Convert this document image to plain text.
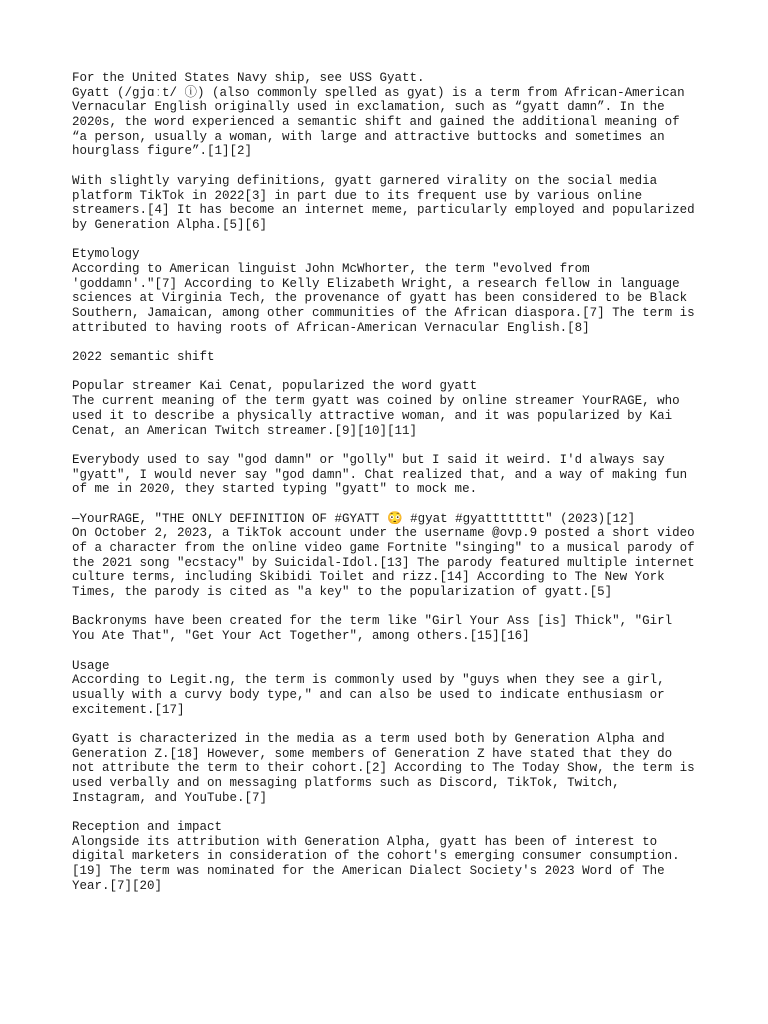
For the United States Navy ship, see USS Gyatt.
Gyatt (/gjɑːt/ ⓘ) (also commonly spelled as gyat) is a term from African-American
Vernacular English originally used in exclamation, such as “gyatt damn”. In the
2020s, the word experienced a semantic shift and gained the additional meaning of
“a person, usually a woman, with large and attractive buttocks and sometimes an
hourglass figure”.[1][2]
With slightly varying definitions, gyatt garnered virality on the social media
platform TikTok in 2022[3] in part due to its frequent use by various online
streamers.[4] It has become an internet meme, particularly employed and popularized
by Generation Alpha.[5][6]
Etymology
According to American linguist John McWhorter, the term "evolved from
'goddamn'."[7] According to Kelly Elizabeth Wright, a research fellow in language
sciences at Virginia Tech, the provenance of gyatt has been considered to be Black
Southern, Jamaican, among other communities of the African diaspora.[7] The term is
attributed to having roots of African-American Vernacular English.[8]
2022 semantic shift
Popular streamer Kai Cenat, popularized the word gyatt
The current meaning of the term gyatt was coined by online streamer YourRAGE, who
used it to describe a physically attractive woman, and it was popularized by Kai
Cenat, an American Twitch streamer.[9][10][11]
Everybody used to say "god damn" or "golly" but I said it weird. I'd always say
"gyatt", I would never say "god damn". Chat realized that, and a way of making fun
of me in 2020, they started typing "gyatt" to mock me.
—YourRAGE, "THE ONLY DEFINITION OF #GYATT 😳 #gyat #gyatttttttt" (2023)[12]
On October 2, 2023, a TikTok account under the username @ovp.9 posted a short video
of a character from the online video game Fortnite "singing" to a musical parody of
the 2021 song "ecstacy" by Suicidal-Idol.[13] The parody featured multiple internet
culture terms, including Skibidi Toilet and rizz.[14] According to The New York
Times, the parody is cited as "a key" to the popularization of gyatt.[5]
Backronyms have been created for the term like "Girl Your Ass [is] Thick", "Girl
You Ate That", "Get Your Act Together", among others.[15][16]
Usage
According to Legit.ng, the term is commonly used by "guys when they see a girl,
usually with a curvy body type," and can also be used to indicate enthusiasm or
excitement.[17]
Gyatt is characterized in the media as a term used both by Generation Alpha and
Generation Z.[18] However, some members of Generation Z have stated that they do
not attribute the term to their cohort.[2] According to The Today Show, the term is
used verbally and on messaging platforms such as Discord, TikTok, Twitch,
Instagram, and YouTube.[7]
Reception and impact
Alongside its attribution with Generation Alpha, gyatt has been of interest to
digital marketers in consideration of the cohort's emerging consumer consumption.
[19] The term was nominated for the American Dialect Society's 2023 Word of The
Year.[7][20]
